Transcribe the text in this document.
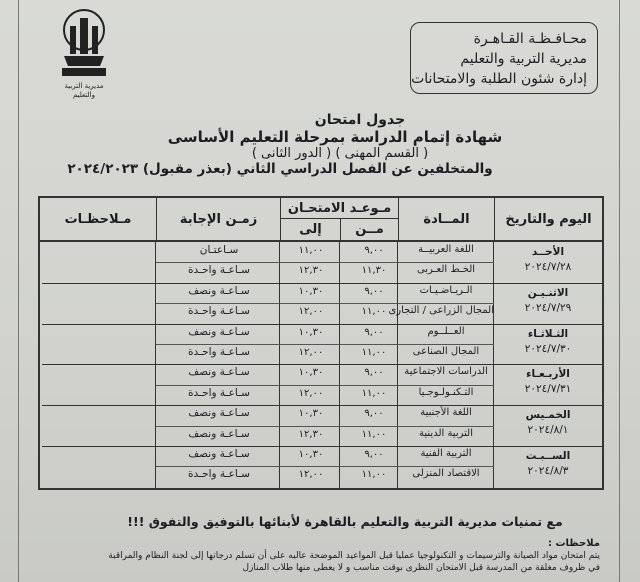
مديرية التربية والتعليم
محـافـظـة القـاهـرة
مديرية التربية والتعليم
إدارة شئون الطلبة والامتحانات
جدول امتحان
شهادة إتمام الدراسة بمرحلة التعليم الأساسى
( القسم المهنى ) ( الدور الثانى )
والمتخلفين عن الفصل الدراسي الثاني (بعذر مقبول) ٢٠٢٤/٢٠٢٣
اليوم والتاريخ
المــادة
مـوعـد الامتحـان
مــن
إلى
زمـن الإجابة
مـلاحظـات
اللغة العربيــة
٩,٠٠
١١,٠٠
سـاعتـان
الخـط العـربى
١١,٣٠
١٢,٣٠
سـاعـة واحـدة
الـريـاضـيـات
٩,٠٠
١٠,٣٠
سـاعـة ونصف
المجال الزراعى / التجارى
١١,٠٠
١٢,٠٠
سـاعـة واحـدة
العــلــوم
٩,٠٠
١٠,٣٠
سـاعـة ونصف
المجال الصناعى
١١,٠٠
١٢,٠٠
سـاعـة واحـدة
الدراسات الاجتماعية
٩,٠٠
١٠,٣٠
سـاعـة ونصف
التـكنـولـوجـيا
١١,٠٠
١٢,٠٠
سـاعـة واحـدة
اللغة الأجنبية
٩,٠٠
١٠,٣٠
سـاعـة ونصف
التربية الدينية
١١,٠٠
١٢,٣٠
سـاعـة ونصف
التربية الفنية
٩,٠٠
١٠,٣٠
سـاعـة ونصف
الاقتصاد المنزلى
١١,٠٠
١٢,٠٠
سـاعـة واحـدة
الأحــد
٢٠٢٤/٧/٢٨
الاثنـيـن
٢٠٢٤/٧/٢٩
الثـلاثـاء
٢٠٢٤/٧/٣٠
الأربـعـاء
٢٠٢٤/٧/٣١
الخمـيس
٢٠٢٤/٨/١
الســبـت
٢٠٢٤/٨/٣
مع تمنيات مديرية التربية والتعليم بالقاهرة لأبنائها بالتوفيق والتفوق !!!
ملاحظات :
يتم امتحان مواد الصيانة والترسيمات و التكنولوجيا عمليا قبل المواعيد الموضحة عاليه على أن تسلم درجاتها إلى لجنة النظام والمراقبة
في ظروف مغلقة من المدرسة قبل الامتحان النظرى بوقت مناسب و لا يعطى منها طلاب المنازل
